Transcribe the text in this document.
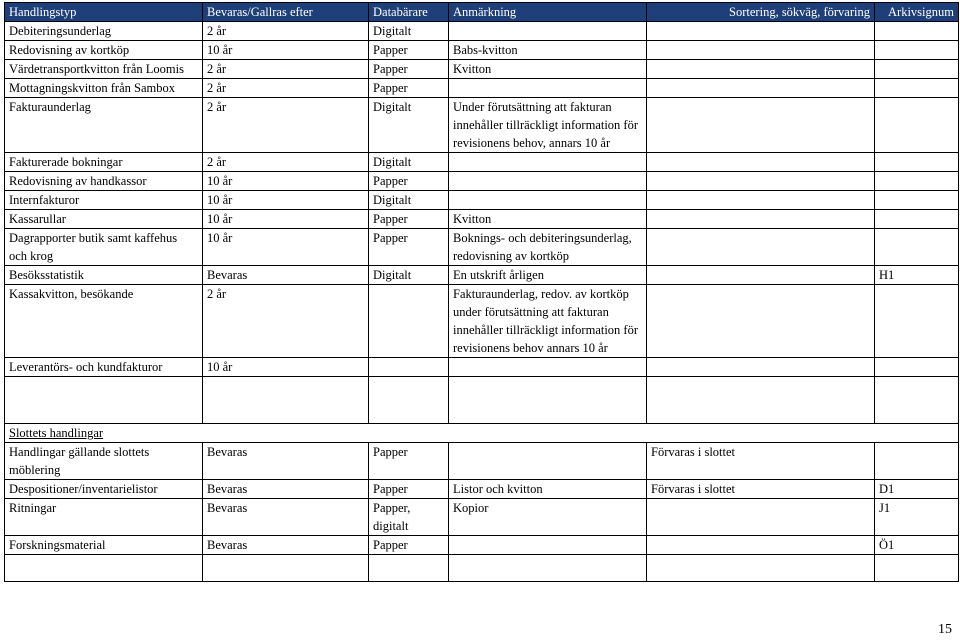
Handlingstyp	Bevaras/Gallras efter	Databärare	Anmärkning	Sortering, sökväg, förvaring	Arkivsignum
Debiteringsunderlag	2 år	Digitalt			
Redovisning av kortköp	10 år	Papper	Babs-kvitton		
Värdetransportkvitton från Loomis	2 år	Papper	Kvitton		
Mottagningskvitton från Sambox	2 år	Papper			
Fakturaunderlag	2 år	Digitalt	Under förutsättning att fakturan innehåller tillräckligt information för revisionens behov, annars 10 år		
Fakturerade bokningar	2 år	Digitalt			
Redovisning av handkassor	10 år	Papper			
Internfakturor	10 år	Digitalt			
Kassarullar	10 år	Papper	Kvitton		
Dagrapporter butik samt kaffehus och krog	10 år	Papper	Boknings- och debiteringsunderlag, redovisning av kortköp		
Besöksstatistik	Bevaras	Digitalt	En utskrift årligen		H1
Kassakvitton, besökande	2 år		Fakturaunderlag, redov. av kortköp under förutsättning att fakturan innehåller tillräckligt information för revisionens behov annars 10 år		
Leverantörs- och kundfakturor	10 år				

Slottets handlingar					
Handlingar gällande slottets möblering	Bevaras	Papper		Förvaras i slottet	
Despositioner/inventarielistor	Bevaras	Papper	Listor och kvitton	Förvaras i slottet	D1
Ritningar	Bevaras	Papper, digitalt	Kopior		J1
Forskningsmaterial	Bevaras	Papper			Ö1

15
